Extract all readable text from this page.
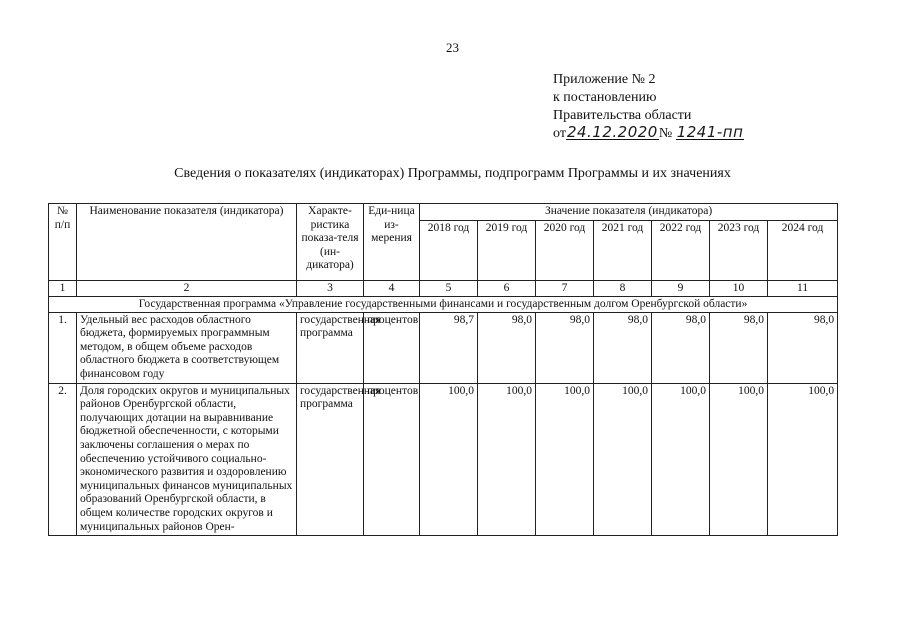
23
Приложение № 2
к постановлению
Правительства области
от24.12.2020№ 1241-пп
Сведения о показателях (индикаторах) Программы, подпрограмм Программы и их значениях
№ п/п	Наименование показателя (индикатора)	Характе-ристика показа-теля (ин-дикатора)	Еди-ница из-мерения	Значение показателя (индикатора)						
				2018 год	2019 год	2020 год	2021 год	2022 год	2023 год	2024 год
1	2	3	4	5	6	7	8	9	10	11
Государственная программа «Управление государственными финансами и государственным долгом Оренбургской области»										
1.	Удельный вес расходов областного бюджета, формируемых программным методом, в общем объеме расходов областного бюджета в соответствующем финансовом году	государственная программа	процентов	98,7	98,0	98,0	98,0	98,0	98,0	98,0
2.	Доля городских округов и муниципальных районов Оренбургской области, получающих дотации на выравнивание бюджетной обеспеченности, с которыми заключены соглашения о мерах по обеспечению устойчивого социально-экономического развития и оздоровлению муниципальных финансов муниципальных образований Оренбургской области, в общем количестве городских округов и муниципальных районов Орен-	государственная программа	процентов	100,0	100,0	100,0	100,0	100,0	100,0	100,0
